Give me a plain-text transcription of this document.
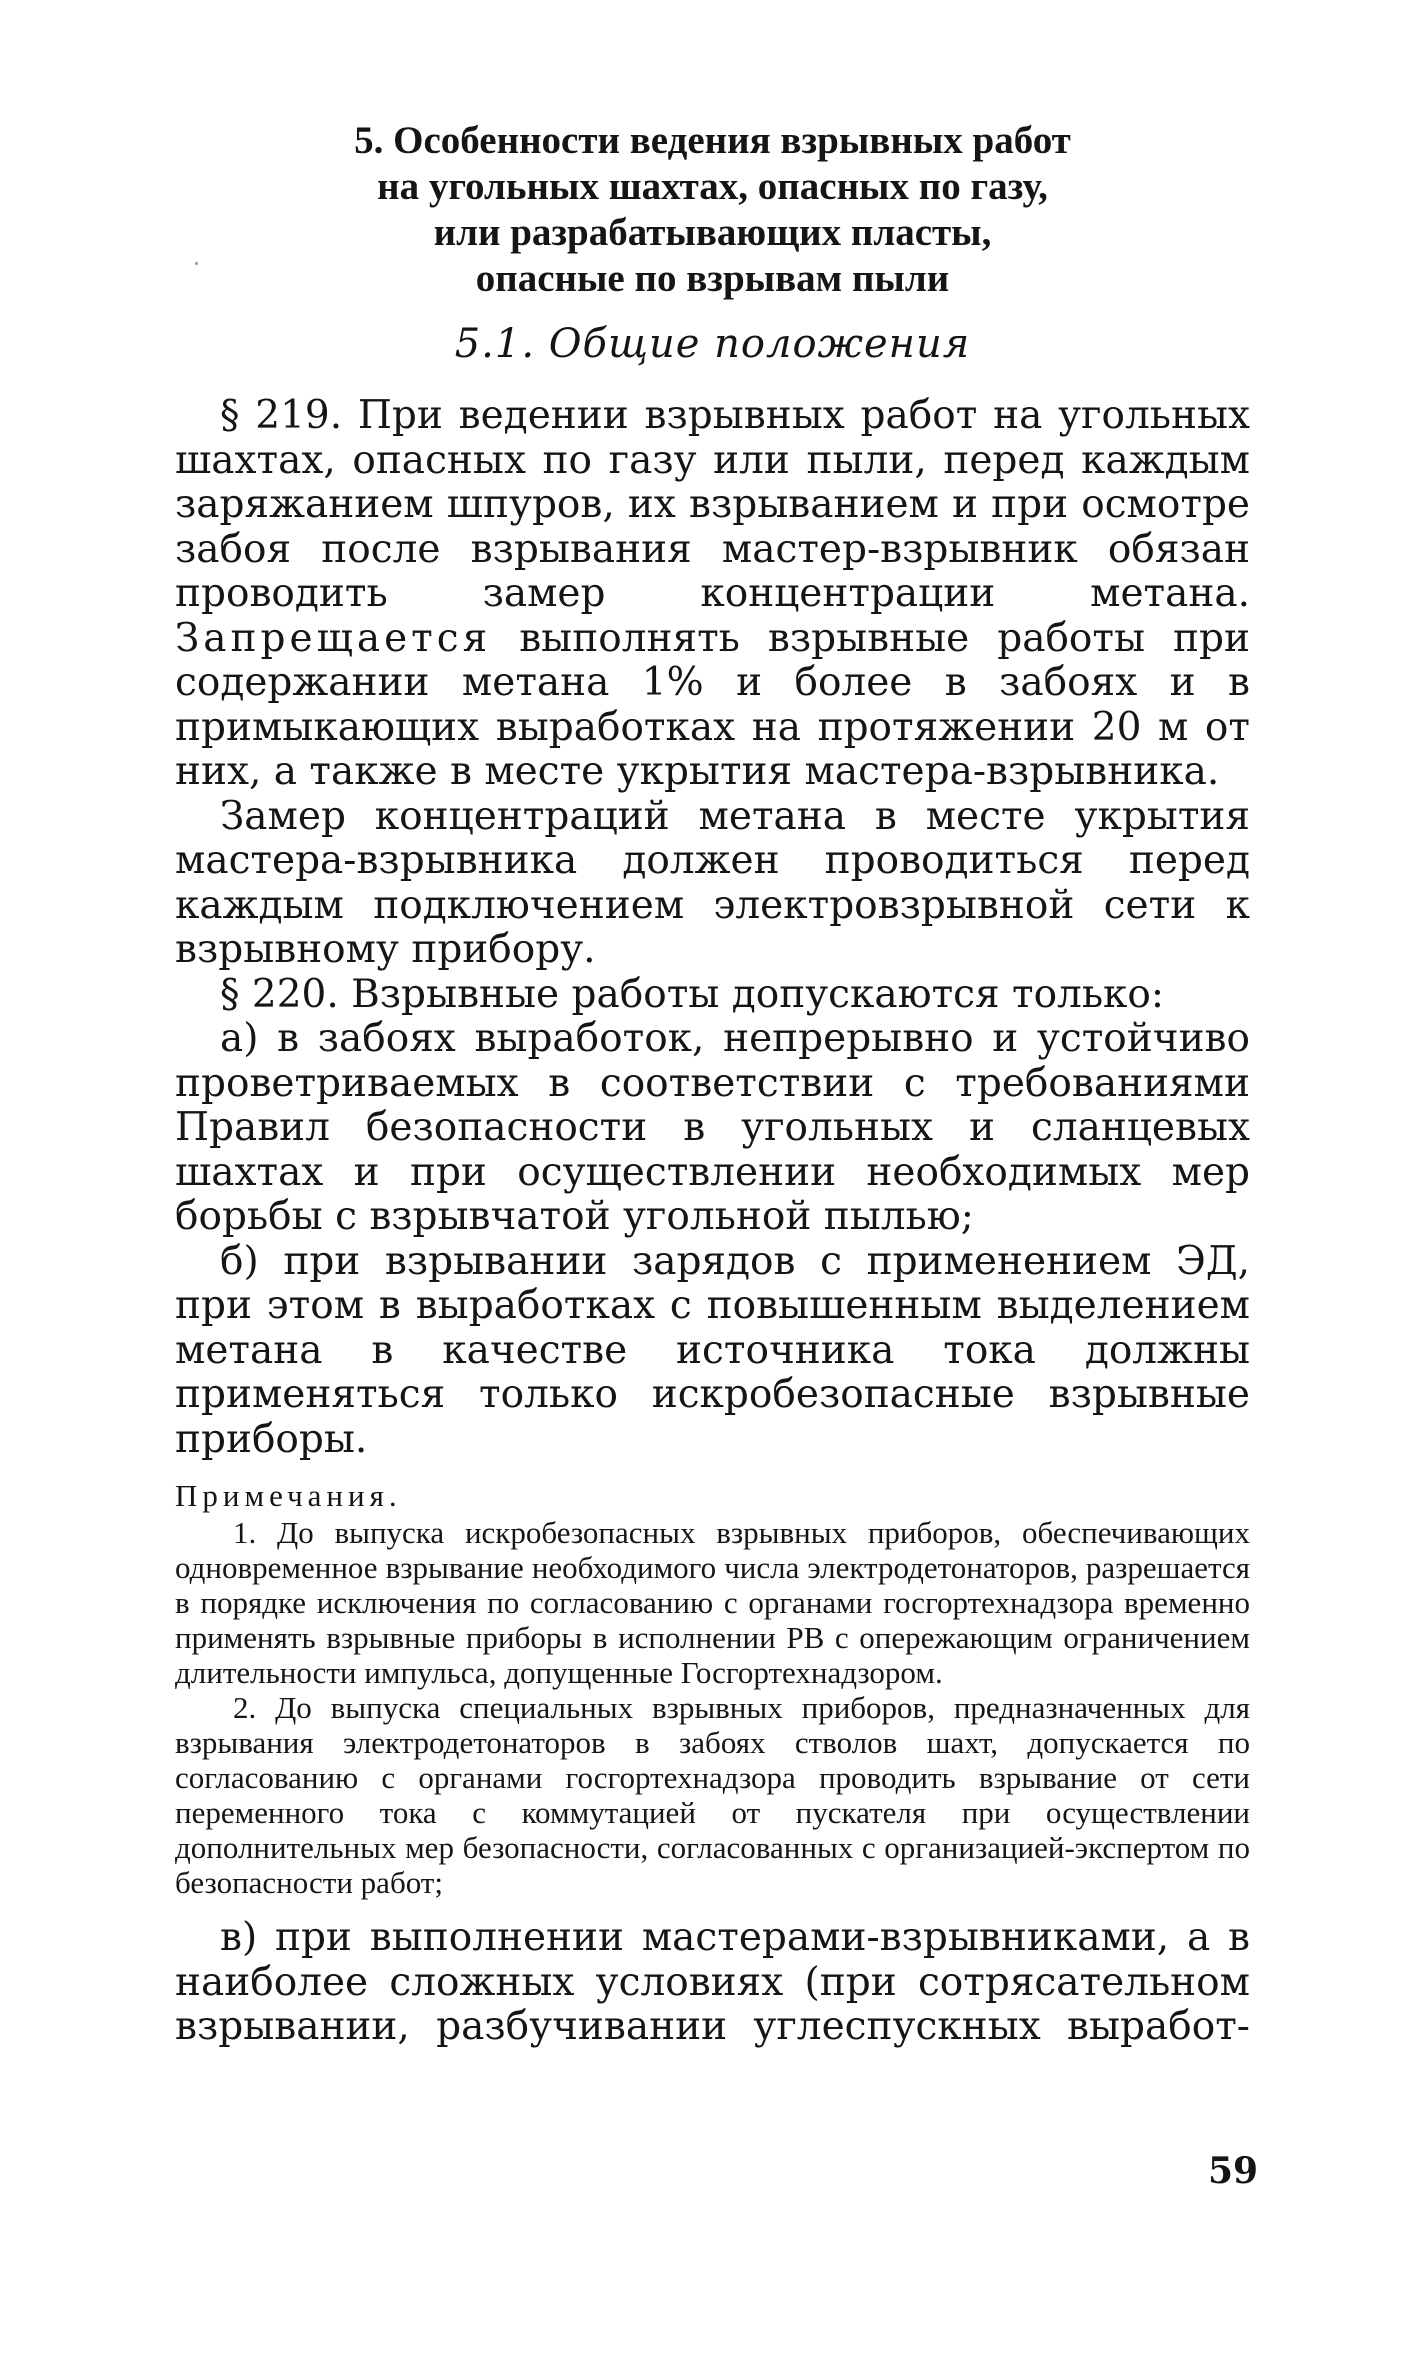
5. Особенности ведения взрывных работ
на угольных шахтах, опасных по газу,
или разрабатывающих пласты,
опасные по взрывам пыли
5.1. Общие положения

§ 219. При ведении взрывных работ на угольных шахтах, опасных по газу или пыли, перед каждым заряжанием шпуров, их взрыванием и при осмотре забоя после взрывания мастер-взрывник обязан проводить замер концентрации метана. Запрещается выполнять взрывные работы при содержании метана 1% и более в забоях и в примыкающих выработках на протяжении 20 м от них, а также в месте укрытия мастера-взрывника.

Замер концентраций метана в месте укрытия мастера-взрывника должен проводиться перед каждым подключением электровзрывной сети к взрывному прибору.

§ 220. Взрывные работы допускаются только:

а) в забоях выработок, непрерывно и устойчиво проветриваемых в соответствии с требованиями Правил безопасности в угольных и сланцевых шахтах и при осуществлении необходимых мер борьбы с взрывчатой угольной пылью;

б) при взрывании зарядов с применением ЭД, при этом в выработках с повышенным выделением метана в качестве источника тока должны применяться только искробезопасные взрывные приборы.

Примечания.

1. До выпуска искробезопасных взрывных приборов, обеспечивающих одновременное взрывание необходимого числа электродетонаторов, разрешается в порядке исключения по согласованию с органами госгортехнадзора временно применять взрывные приборы в исполнении РВ с опережающим ограничением длительности импульса, допущенные Госгортехнадзором.

2. До выпуска специальных взрывных приборов, предназначенных для взрывания электродетонаторов в забоях стволов шахт, допускается по согласованию с органами госгортехнадзора проводить взрывание от сети переменного тока с коммутацией от пускателя при осуществлении дополнительных мер безопасности, согласованных с организацией-экспертом по безопасности работ;

в) при выполнении мастерами-взрывниками, а в наиболее сложных условиях (при сотрясательном взрывании, разбучивании углеспускных выработ-

59
